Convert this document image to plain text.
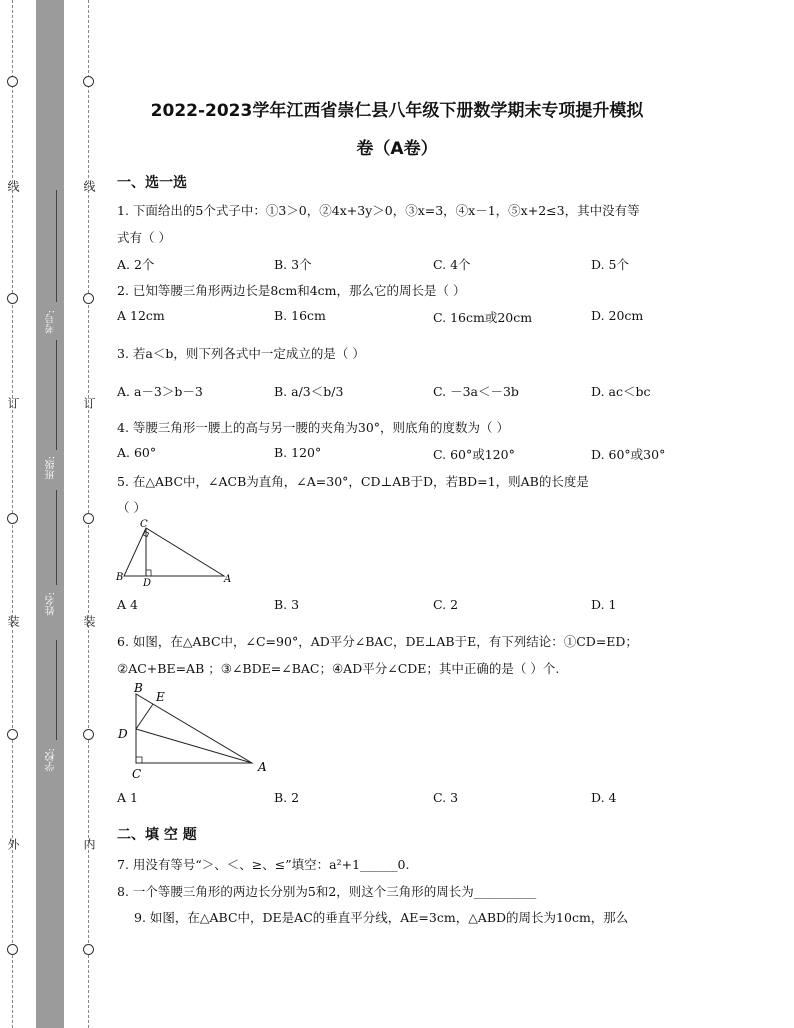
线
订
装
外
线
订
装
内
学校:
姓名:
班级:
考号:
2022-2023学年江西省崇仁县八年级下册数学期末专项提升模拟
卷（A卷）
一、选一选
1. 下面给出的5个式子中：①3＞0，②4x+3y＞0，③x=3，④x－1，⑤x+2≤3，其中没有等
式有（ ）
A. 2个	B. 3个	C. 4个	D. 5个
2. 已知等腰三角形两边长是8cm和4cm，那么它的周长是（ ）
A 12cm	B. 16cm	C. 16cm或20cm	D. 20cm
3. 若a＜b，则下列各式中一定成立的是（ ）
A. a－3＞b－3	B. a/3＜b/3	C. －3a＜－3b	D. ac＜bc
4. 等腰三角形一腰上的高与另一腰的夹角为30°，则底角的度数为（ ）
A. 60°	B. 120°	C. 60°或120°	D. 60°或30°
5. 在△ABC中，∠ACB为直角，∠A=30°，CD⊥AB于D，若BD=1，则AB的长度是
（ ）
C
B
D	A
A 4	B. 3	C. 2	D. 1
6. 如图，在△ABC中，∠C=90°，AD平分∠BAC，DE⊥AB于E，有下列结论：①CD=ED；
②AC+BE=AB ；③∠BDE=∠BAC；④AD平分∠CDE；其中正确的是（ ）个.
B
E
D
C	A
A 1	B. 2	C. 3	D. 4
二、填 空 题
7. 用没有等号“＞、＜、≥、≤”填空：a²+1______0.
8. 一个等腰三角形的两边长分别为5和2，则这个三角形的周长为__________
9. 如图，在△ABC中，DE是AC的垂直平分线，AE=3cm，△ABD的周长为10cm，那么
